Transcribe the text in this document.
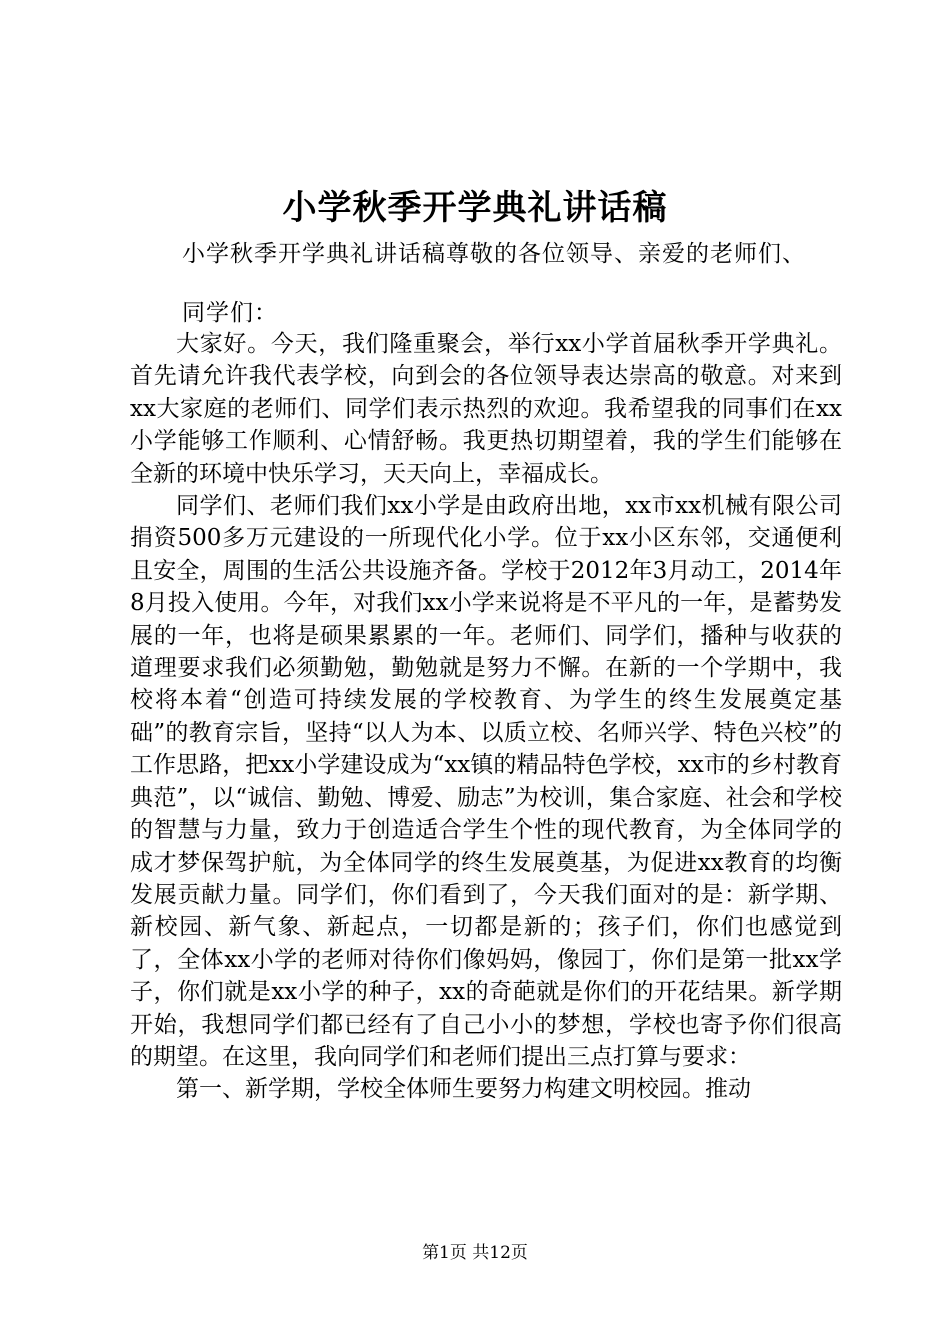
小学秋季开学典礼讲话稿
小学秋季开学典礼讲话稿尊敬的各位领导、亲爱的老师们、
同学们：

大家好。今天，我们隆重聚会，举行xx小学首届秋季开学典礼。首先请允许我代表学校，向到会的各位领导表达崇高的敬意。对来到xx大家庭的老师们、同学们表示热烈的欢迎。我希望我的同事们在xx小学能够工作顺利、心情舒畅。我更热切期望着，我的学生们能够在全新的环境中快乐学习，天天向上，幸福成长。

同学们、老师们我们xx小学是由政府出地，xx市xx机械有限公司捐资500多万元建设的一所现代化小学。位于xx小区东邻，交通便利且安全，周围的生活公共设施齐备。学校于2012年3月动工，2014年8月投入使用。今年，对我们xx小学来说将是不平凡的一年，是蓄势发展的一年，也将是硕果累累的一年。老师们、同学们，播种与收获的道理要求我们必须勤勉，勤勉就是努力不懈。在新的一个学期中，我校将本着“创造可持续发展的学校教育、为学生的终生发展奠定基础”的教育宗旨，坚持“以人为本、以质立校、名师兴学、特色兴校”的工作思路，把xx小学建设成为“xx镇的精品特色学校，xx市的乡村教育典范”，以“诚信、勤勉、博爱、励志”为校训，集合家庭、社会和学校的智慧与力量，致力于创造适合学生个性的现代教育，为全体同学的成才梦保驾护航，为全体同学的终生发展奠基，为促进xx教育的均衡发展贡献力量。同学们，你们看到了，今天我们面对的是：新学期、新校园、新气象、新起点，一切都是新的；孩子们，你们也感觉到了，全体xx小学的老师对待你们像妈妈，像园丁，你们是第一批xx学子，你们就是xx小学的种子，xx的奇葩就是你们的开花结果。新学期开始，我想同学们都已经有了自己小小的梦想，学校也寄予你们很高的期望。在这里，我向同学们和老师们提出三点打算与要求：

第一、新学期，学校全体师生要努力构建文明校园。推动

第1页 共12页
